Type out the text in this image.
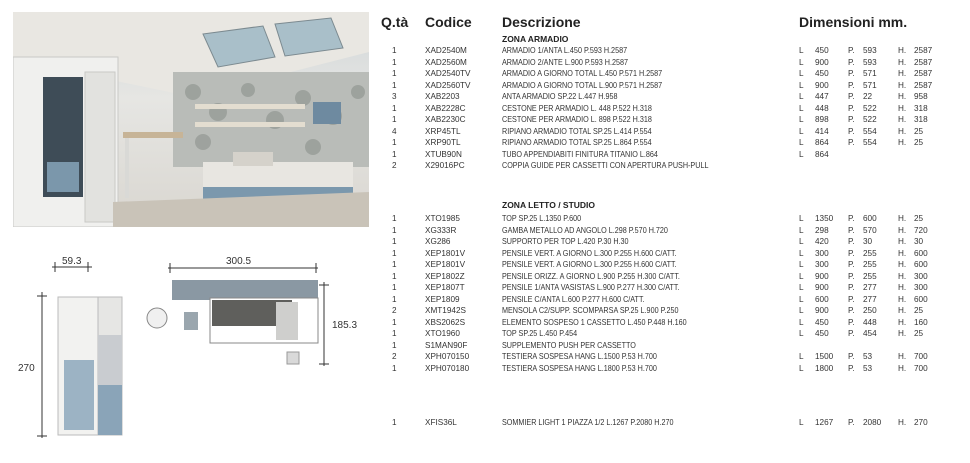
59.3
270
300.5
185.3
Q.tà Codice Descrizione	Dimensioni mm.
ZONA ARMADIO
1	XAD2540M	ARMADIO 1/ANTA L.450 P.593 H.2587	L 450 P. 593	H. 2587
1	XAD2560M	ARMADIO 2/ANTE L.900 P.593 H.2587	L 900 P. 593	H. 2587
1	XAD2540TV	ARMADIO A GIORNO TOTAL L.450 P.571 H.2587	L 450 P. 571	H. 2587
1	XAD2560TV	ARMADIO A GIORNO TOTAL L.900 P.571 H.2587	L 900 P. 571	H. 2587
3	XAB2203	ANTA ARMADIO SP.22 L.447 H.958	L 447 P. 22	H. 958
1	XAB2228C	CESTONE PER ARMADIO L. 448 P.522 H.318	L 448 P. 522	H. 318
1	XAB2230C	CESTONE PER ARMADIO L. 898 P.522 H.318	L 898 P. 522	H. 318
4	XRP45TL	RIPIANO ARMADIO TOTAL SP.25 L.414 P.554	L 414 P. 554	H. 25
1	XRP90TL	RIPIANO ARMADIO TOTAL SP.25 L.864 P.554	L 864 P. 554	H. 25
1	XTUB90N	TUBO APPENDIABITI FINITURA TITANIO L.864	L 864
2	X29016PC	COPPIA GUIDE PER CASSETTI CON APERTURA PUSH-PULL
ZONA LETTO / STUDIO
1	XTO1985	TOP SP.25 L.1350 P.600	L 1350 P. 600	H. 25
1	XG333R	GAMBA METALLO AD ANGOLO L.298 P.570 H.720	L 298 P. 570	H. 720
1	XG286	SUPPORTO PER TOP L.420 P.30 H.30	L 420 P. 30	H. 30
1	XEP1801V	PENSILE VERT. A GIORNO L.300 P.255 H.600 C/ATT.	L 300 P. 255	H. 600
1	XEP1801V	PENSILE VERT. A GIORNO L.300 P.255 H.600 C/ATT.	L 300 P. 255	H. 600
1	XEP1802Z	PENSILE ORIZZ. A GIORNO L.900 P.255 H.300 C/ATT.	L 900 P. 255	H. 300
1	XEP1807T	PENSILE 1/ANTA VASISTAS L.900 P.277 H.300 C/ATT.	L 900 P. 277	H. 300
1	XEP1809	PENSILE C/ANTA L.600 P.277 H.600 C/ATT.	L 600 P. 277	H. 600
2	XMT1942S	MENSOLA C2/SUPP. SCOMPARSA SP.25 L.900 P.250	L 900 P. 250	H. 25
1	XBS2062S	ELEMENTO SOSPESO 1 CASSETTO L.450 P.448 H.160	L 450 P. 448	H. 160
1	XTO1960	TOP SP.25 L.450 P.454	L 450 P. 454	H. 25
1	S1MAN90F	SUPPLEMENTO PUSH PER CASSETTO
2	XPH070150	TESTIERA SOSPESA HANG L.1500 P.53 H.700	L 1500 P. 53	H. 700
1	XPH070180	TESTIERA SOSPESA HANG L.1800 P.53 H.700	L 1800 P. 53	H. 700
1	XFIS36L	SOMMIER LIGHT 1 PIAZZA 1/2 L.1267 P.2080 H.270	L 1267 P. 2080 H. 270
